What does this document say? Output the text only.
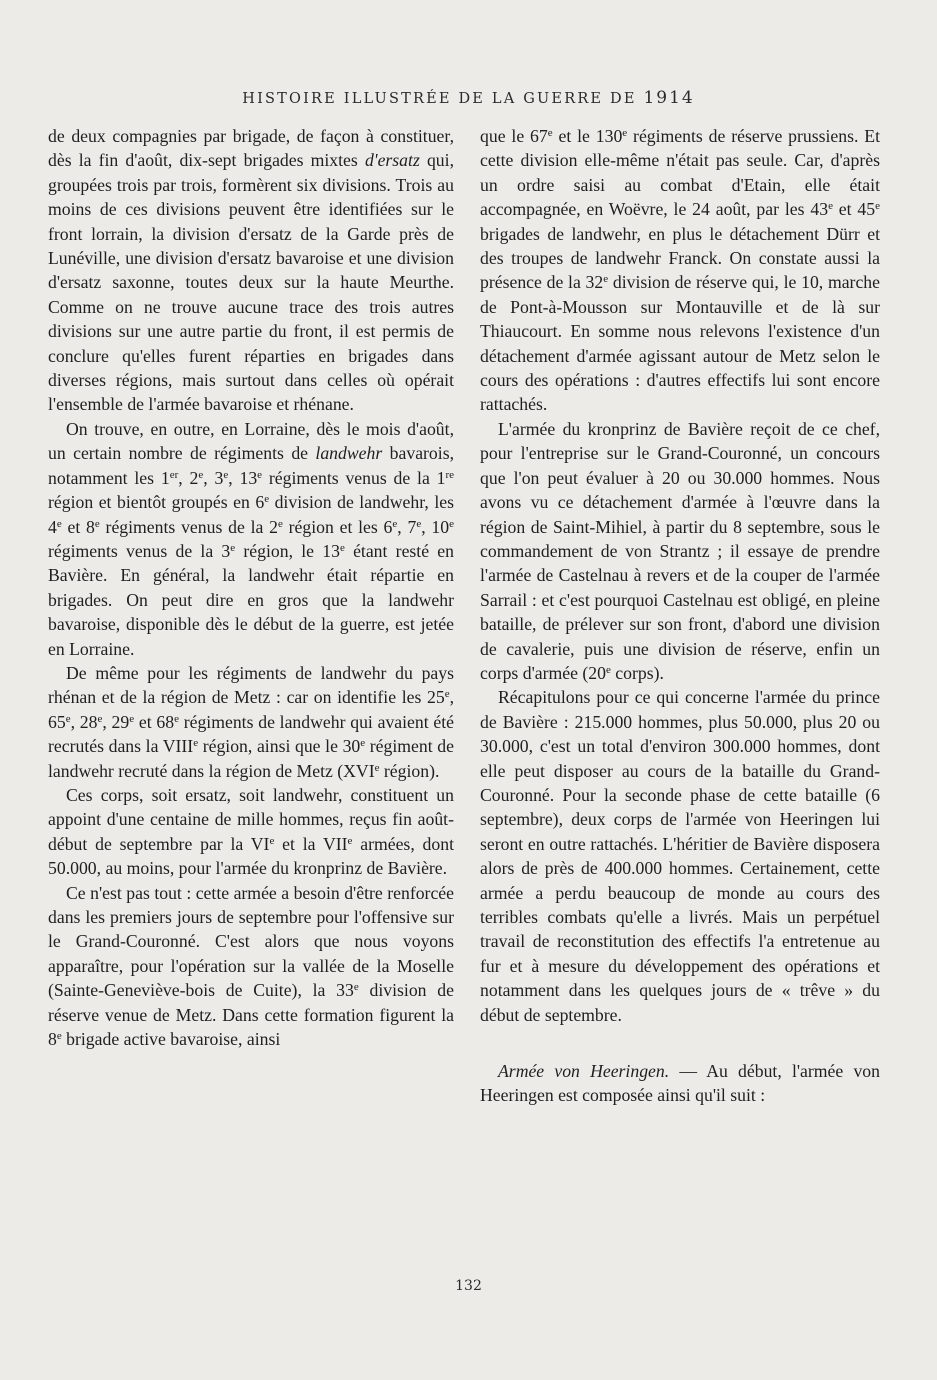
HISTOIRE ILLUSTRÉE DE LA GUERRE DE 1914

de deux compagnies par brigade, de façon à constituer, dès la fin d'août, dix-sept brigades mixtes d'ersatz qui, groupées trois par trois, formèrent six divisions. Trois au moins de ces divisions peuvent être identifiées sur le front lorrain, la division d'ersatz de la Garde près de Lunéville, une division d'ersatz bavaroise et une division d'ersatz saxonne, toutes deux sur la haute Meurthe. Comme on ne trouve aucune trace des trois autres divisions sur une autre partie du front, il est permis de conclure qu'elles furent réparties en brigades dans diverses régions, mais surtout dans celles où opérait l'ensemble de l'armée bavaroise et rhénane.

On trouve, en outre, en Lorraine, dès le mois d'août, un certain nombre de régiments de landwehr bavarois, notamment les 1er, 2e, 3e, 13e régiments venus de la 1re région et bientôt groupés en 6e division de landwehr, les 4e et 8e régiments venus de la 2e région et les 6e, 7e, 10e régiments venus de la 3e région, le 13e étant resté en Bavière. En général, la landwehr était répartie en brigades. On peut dire en gros que la landwehr bavaroise, disponible dès le début de la guerre, est jetée en Lorraine.

De même pour les régiments de landwehr du pays rhénan et de la région de Metz : car on identifie les 25e, 65e, 28e, 29e et 68e régiments de landwehr qui avaient été recrutés dans la VIIIe région, ainsi que le 30e régiment de landwehr recruté dans la région de Metz (XVIe région).

Ces corps, soit ersatz, soit landwehr, constituent un appoint d'une centaine de mille hommes, reçus fin août-début de septembre par la VIe et la VIIe armées, dont 50.000, au moins, pour l'armée du kronprinz de Bavière.

Ce n'est pas tout : cette armée a besoin d'être renforcée dans les premiers jours de septembre pour l'offensive sur le Grand-Couronné. C'est alors que nous voyons apparaître, pour l'opération sur la vallée de la Moselle (Sainte-Geneviève-bois de Cuite), la 33e division de réserve venue de Metz. Dans cette formation figurent la 8e brigade active bavaroise, ainsi

que le 67e et le 130e régiments de réserve prussiens. Et cette division elle-même n'était pas seule. Car, d'après un ordre saisi au combat d'Etain, elle était accompagnée, en Woëvre, le 24 août, par les 43e et 45e brigades de landwehr, en plus le détachement Dürr et des troupes de landwehr Franck. On constate aussi la présence de la 32e division de réserve qui, le 10, marche de Pont-à-Mousson sur Montauville et de là sur Thiaucourt. En somme nous relevons l'existence d'un détachement d'armée agissant autour de Metz selon le cours des opérations : d'autres effectifs lui sont encore rattachés.

L'armée du kronprinz de Bavière reçoit de ce chef, pour l'entreprise sur le Grand-Couronné, un concours que l'on peut évaluer à 20 ou 30.000 hommes. Nous avons vu ce détachement d'armée à l'œuvre dans la région de Saint-Mihiel, à partir du 8 septembre, sous le commandement de von Strantz ; il essaye de prendre l'armée de Castelnau à revers et de la couper de l'armée Sarrail : et c'est pourquoi Castelnau est obligé, en pleine bataille, de prélever sur son front, d'abord une division de cavalerie, puis une division de réserve, enfin un corps d'armée (20e corps).

Récapitulons pour ce qui concerne l'armée du prince de Bavière : 215.000 hommes, plus 50.000, plus 20 ou 30.000, c'est un total d'environ 300.000 hommes, dont elle peut disposer au cours de la bataille du Grand-Couronné. Pour la seconde phase de cette bataille (6 septembre), deux corps de l'armée von Heeringen lui seront en outre rattachés. L'héritier de Bavière disposera alors de près de 400.000 hommes. Certainement, cette armée a perdu beaucoup de monde au cours des terribles combats qu'elle a livrés. Mais un perpétuel travail de reconstitution des effectifs l'a entretenue au fur et à mesure du développement des opérations et notamment dans les quelques jours de « trêve » du début de septembre.

Armée von Heeringen. — Au début, l'armée von Heeringen est composée ainsi qu'il suit :

132
